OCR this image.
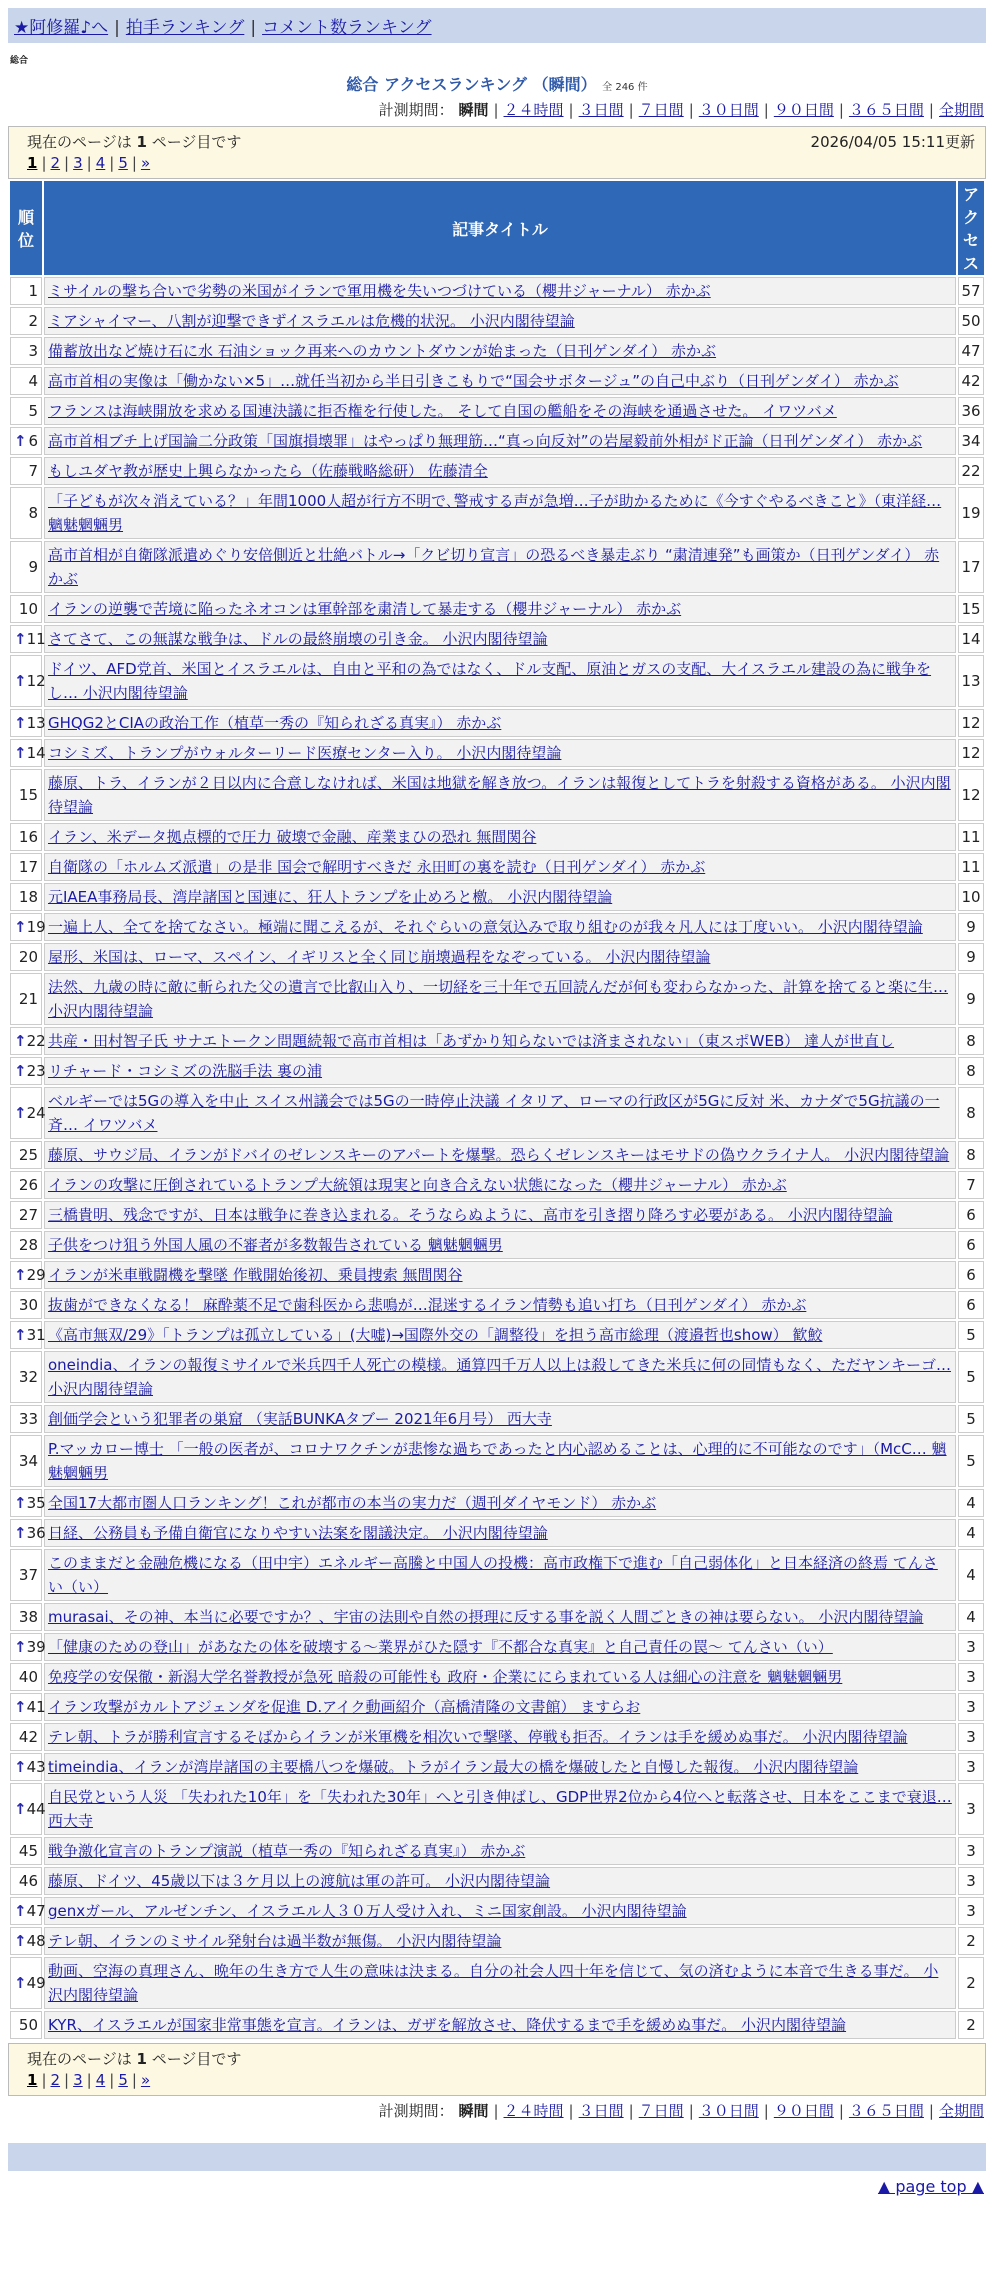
★阿修羅♪へ | 拍手ランキング | コメント数ランキング
総合
総合 アクセスランキング （瞬間） 全 246 件
計測期間： 瞬間 | ２４時間 | ３日間 | ７日間 | ３０日間 | ９０日間 | ３６５日間 | 全期間
現在のページは 1 ページ目です	2026/04/05 15:11更新
1 | 2 | 3 | 4 | 5 | »
順位	記事タイトル	アクセス
1	ミサイルの撃ち合いで劣勢の米国がイランで軍用機を失いつづけている（櫻井ジャーナル） 赤かぶ	57
2	ミアシャイマー、八割が迎撃できずイスラエルは危機的状況。 小沢内閣待望論	50
3	備蓄放出など焼け石に水 石油ショック再来へのカウントダウンが始まった（日刊ゲンダイ） 赤かぶ	47
4	高市首相の実像は「働かない×5」…就任当初から半日引きこもりで“国会サボタージュ”の自己中ぶり（日刊ゲンダイ） 赤かぶ	42
5	フランスは海峡開放を求める国連決議に拒否権を行使した。 そして自国の艦船をその海峡を通過させた。 イワツバメ	36

↑ 6	高市首相ブチ上げ国論二分政策「国旗損壊罪」はやっぱり無理筋…“真っ向反対”の岩屋毅前外相がド正論（日刊ゲンダイ） 赤かぶ	34
7	もしユダヤ教が歴史上興らなかったら（佐藤戦略総研） 佐藤清全	22
8	「子どもが次々消えている？」年間1000人超が行方不明で､警戒する声が急増…子が助かるために《今すぐやるべきこと》（東洋経… 魑魅魍魎男	19
9	高市首相が自衛隊派遣めぐり安倍側近と壮絶バトル→「クビ切り宣言」の恐るべき暴走ぶり “粛清連発”も画策か（日刊ゲンダイ） 赤かぶ	17
10	イランの逆襲で苦境に陥ったネオコンは軍幹部を粛清して暴走する（櫻井ジャーナル） 赤かぶ	15

↑ 11	さてさて、この無謀な戦争は、ドルの最終崩壊の引き金。 小沢内閣待望論	14

↑ 12	ドイツ、AFD党首、米国とイスラエルは、自由と平和の為ではなく、ドル支配、原油とガスの支配、大イスラエル建設の為に戦争をし… 小沢内閣待望論	13

↑ 13	GHQG2とCIAの政治工作（植草一秀の『知られざる真実』） 赤かぶ	12

↑ 14	コシミズ、トランプがウォルターリード医療センター入り。 小沢内閣待望論	12
15	藤原、トラ、イランが２日以内に合意しなければ、米国は地獄を解き放つ。イランは報復としてトラを射殺する資格がある。 小沢内閣待望論	12
16	イラン、米データ拠点標的で圧力 破壊で金融、産業まひの恐れ 無間関谷	11
17	自衛隊の「ホルムズ派遣」の是非 国会で解明すべきだ 永田町の裏を読む（日刊ゲンダイ） 赤かぶ	11
18	元IAEA事務局長、湾岸諸国と国連に、狂人トランプを止めろと檄。 小沢内閣待望論	10

↑ 19	一遍上人、全てを捨てなさい。極端に聞こえるが、それぐらいの意気込みで取り組むのが我々凡人には丁度いい。 小沢内閣待望論	9
20	屋形、米国は、ローマ、スペイン、イギリスと全く同じ崩壊過程をなぞっている。 小沢内閣待望論	9
21	法然、九歳の時に敵に斬られた父の遺言で比叡山入り、一切経を三十年で五回読んだが何も変わらなかった、計算を捨てると楽に生… 小沢内閣待望論	9

↑ 22	共産・田村智子氏 サナエトークン問題続報で高市首相は「あずかり知らないでは済まされない」（東スポWEB） 達人が世直し	8

↑ 23	リチャード・コシミズの洗脳手法 裏の浦	8

↑ 24	ベルギーでは5Gの導入を中止 スイス州議会では5Gの一時停止決議 イタリア、ローマの行政区が5Gに反対 米、カナダで5G抗議の一斉… イワツバメ	8
25	藤原、サウジ局、イランがドバイのゼレンスキーのアパートを爆撃。恐らくゼレンスキーはモサドの偽ウクライナ人。 小沢内閣待望論	8
26	イランの攻撃に圧倒されているトランプ大統領は現実と向き合えない状態になった（櫻井ジャーナル） 赤かぶ	7
27	三橋貴明、残念ですが、日本は戦争に巻き込まれる。そうならぬように、高市を引き摺り降ろす必要がある。 小沢内閣待望論	6
28	子供をつけ狙う外国人風の不審者が多数報告されている 魑魅魍魎男	6

↑ 29	イランが米車戦闘機を撃墜 作戦開始後初、乗員捜索 無間関谷	6
30	抜歯ができなくなる！ 麻酔薬不足で歯科医から悲鳴が…混迷するイラン情勢も追い打ち（日刊ゲンダイ） 赤かぶ	6

↑ 31	《高市無双/29》「トランプは孤立している」(大嘘)→国際外交の「調整役」を担う高市総理（渡邉哲也show） 歓鮫	5
32	oneindia、イランの報復ミサイルで米兵四千人死亡の模様。通算四千万人以上は殺してきた米兵に何の同情もなく、ただヤンキーゴ… 小沢内閣待望論	5
33	創価学会という犯罪者の巣窟 （実話BUNKAタブー 2021年6月号） 西大寺	5
34	P.マッカロー博士 「一般の医者が、コロナワクチンが悲惨な過ちであったと内心認めることは、心理的に不可能なのです」（McC… 魑魅魍魎男	5

↑ 35	全国17大都市圏人口ランキング！これが都市の本当の実力だ（週刊ダイヤモンド） 赤かぶ	4

↑ 36	日経、公務員も予備自衛官になりやすい法案を閣議決定。 小沢内閣待望論	4
37	このままだと金融危機になる（田中宇）エネルギー高騰と中国人の投機：高市政権下で進む「自己弱体化」と日本経済の終焉 てんさい（い）	4
38	murasai、その神、本当に必要ですか？、宇宙の法則や自然の摂理に反する事を説く人間ごときの神は要らない。 小沢内閣待望論	4

↑ 39	「健康のための登山」があなたの体を破壊する〜業界がひた隠す『不都合な真実』と自己責任の罠〜 てんさい（い）	3
40	免疫学の安保徹・新潟大学名誉教授が急死 暗殺の可能性も 政府・企業ににらまれている人は細心の注意を 魑魅魍魎男	3

↑ 41	イラン攻撃がカルトアジェンダを促進 D.アイク動画紹介（高橋清隆の文書館） ますらお	3
42	テレ朝、トラが勝利宣言するそばからイランが米軍機を相次いで撃墜、停戦も拒否。イランは手を緩めぬ事だ。 小沢内閣待望論	3

↑ 43	timeindia、イランが湾岸諸国の主要橋八つを爆破。トラがイラン最大の橋を爆破したと自慢した報復。 小沢内閣待望論	3

↑ 44	自民党という人災 「失われた10年」を「失われた30年」へと引き伸ばし、GDP世界2位から4位へと転落させ、日本をここまで衰退… 西大寺	3
45	戦争激化宣言のトランプ演説（植草一秀の『知られざる真実』） 赤かぶ	3
46	藤原、ドイツ、45歳以下は３ケ月以上の渡航は軍の許可。 小沢内閣待望論	3

↑ 47	genxガール、アルゼンチン、イスラエル人３０万人受け入れ、ミニ国家創設。 小沢内閣待望論	3

↑ 48	テレ朝、イランのミサイル発射台は過半数が無傷。 小沢内閣待望論	2

↑ 49	動画、空海の真理さん、晩年の生き方で人生の意味は決まる。自分の社会人四十年を信じて、気の済むように本音で生きる事だ。 小沢内閣待望論	2
50	KYR、イスラエルが国家非常事態を宣言。イランは、ガザを解放させ、降伏するまで手を緩めぬ事だ。 小沢内閣待望論	2
現在のページは 1 ページ目です
1 | 2 | 3 | 4 | 5 | »
計測期間： 瞬間 | ２４時間 | ３日間 | ７日間 | ３０日間 | ９０日間 | ３６５日間 | 全期間
▲ page top ▲
